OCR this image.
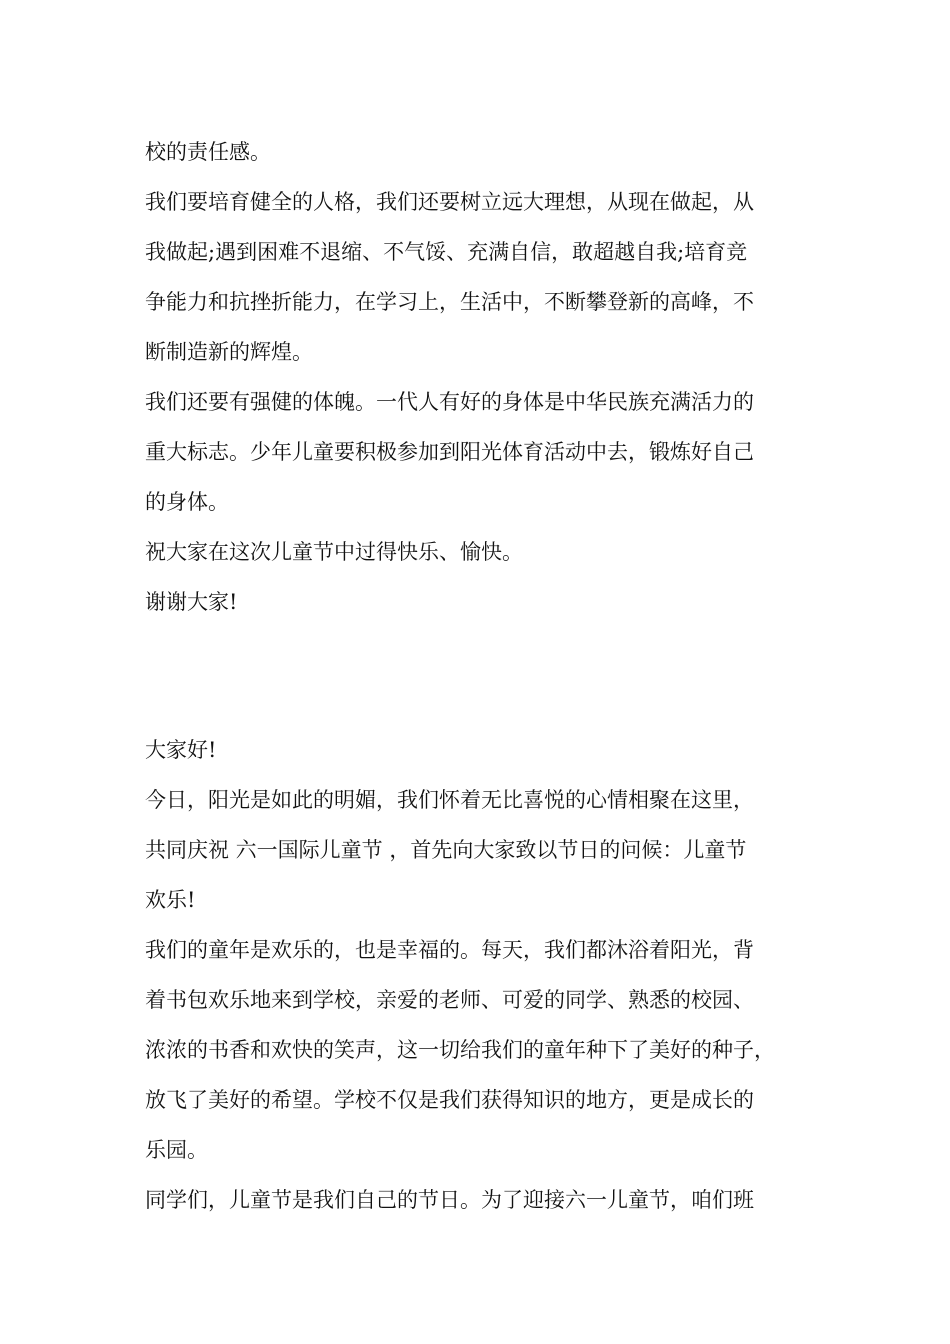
校的责任感。
我们要培育健全的人格，我们还要树立远大理想，从现在做起，从
我做起;遇到困难不退缩、不气馁、充满自信，敢超越自我;培育竞
争能力和抗挫折能力，在学习上，生活中，不断攀登新的高峰，不
断制造新的辉煌。
我们还要有强健的体魄。一代人有好的身体是中华民族充满活力的
重大标志。少年儿童要积极参加到阳光体育活动中去，锻炼好自己
的身体。
祝大家在这次儿童节中过得快乐、愉快。
谢谢大家!
大家好!
今日，阳光是如此的明媚，我们怀着无比喜悦的心情相聚在这里，
共同庆祝 六一国际儿童节 ，首先向大家致以节日的问候：儿童节
欢乐!
我们的童年是欢乐的，也是幸福的。每天，我们都沐浴着阳光，背
着书包欢乐地来到学校，亲爱的老师、可爱的同学、熟悉的校园、
浓浓的书香和欢快的笑声，这一切给我们的童年种下了美好的种子，
放飞了美好的希望。学校不仅是我们获得知识的地方，更是成长的
乐园。
同学们，儿童节是我们自己的节日。为了迎接六一儿童节，咱们班
